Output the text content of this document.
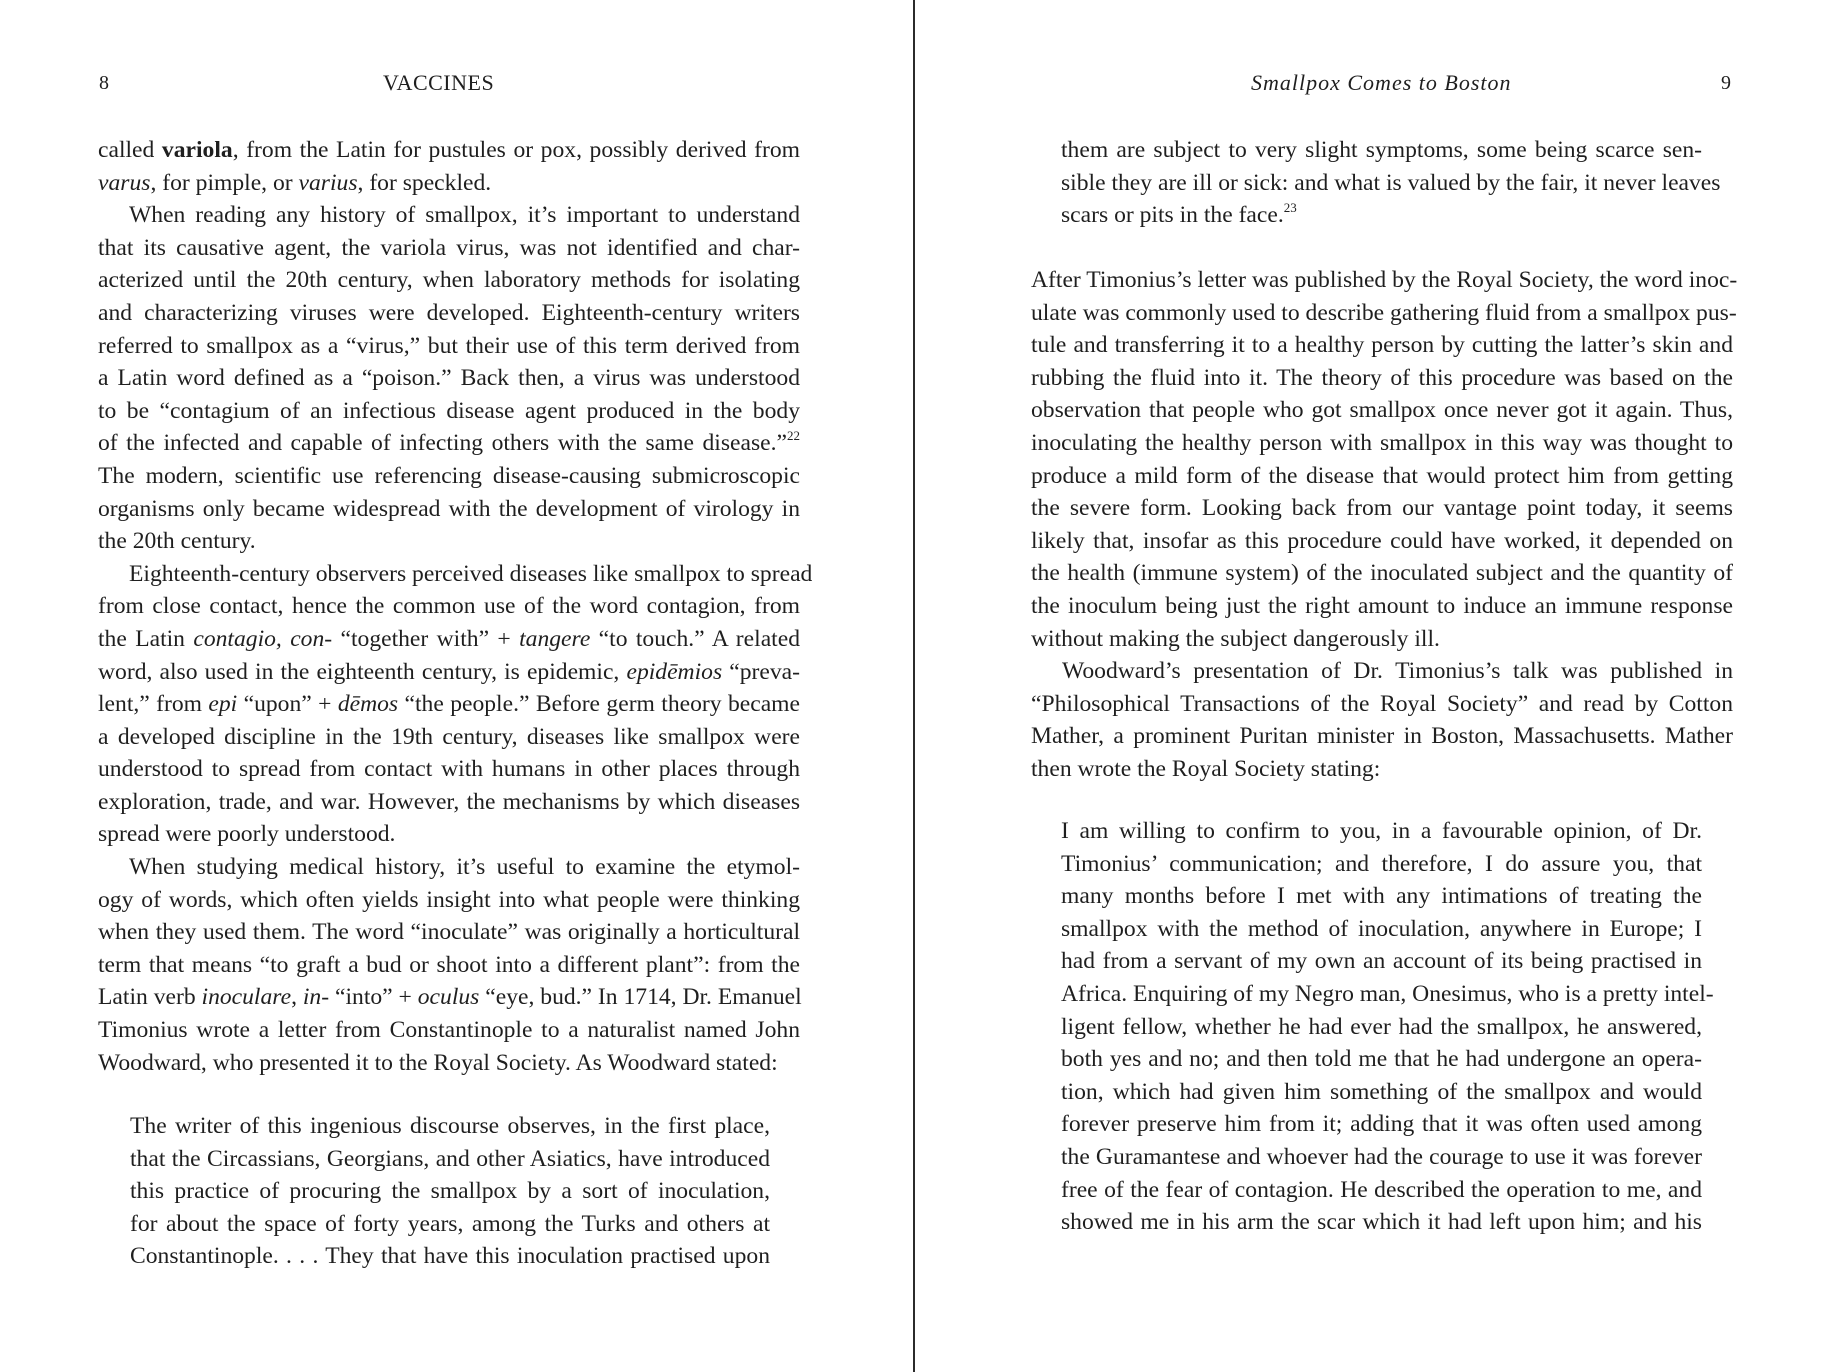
8	VACCINES

called variola, from the Latin for pustules or pox, possibly derived from

varus, for pimple, or varius, for speckled.

When reading any history of smallpox, it’s important to understand

that its causative agent, the variola virus, was not identified and char-

acterized until the 20th century, when laboratory methods for isolating

and characterizing viruses were developed. Eighteenth-century writers

referred to smallpox as a “virus,” but their use of this term derived from

a Latin word defined as a “poison.” Back then, a virus was understood

to be “contagium of an infectious disease agent produced in the body

of the infected and capable of infecting others with the same disease.”$^{22}$

The modern, scientific use referencing disease-causing submicroscopic

organisms only became widespread with the development of virology in

the 20th century.

Eighteenth-century observers perceived diseases like smallpox to spread

from close contact, hence the common use of the word contagion, from

the Latin contagio, con- “together with” + tangere “to touch.” A related

word, also used in the eighteenth century, is epidemic, epidēmios “preva-

lent,” from epi “upon” + dēmos “the people.” Before germ theory became

a developed discipline in the 19th century, diseases like smallpox were

understood to spread from contact with humans in other places through

exploration, trade, and war. However, the mechanisms by which diseases

spread were poorly understood.

When studying medical history, it’s useful to examine the etymol-

ogy of words, which often yields insight into what people were thinking

when they used them. The word “inoculate” was originally a horticultural

term that means “to graft a bud or shoot into a different plant”: from the

Latin verb inoculare, in- “into” + oculus “eye, bud.” In 1714, Dr. Emanuel

Timonius wrote a letter from Constantinople to a naturalist named John

Woodward, who presented it to the Royal Society. As Woodward stated:

The writer of this ingenious discourse observes, in the first place,

that the Circassians, Georgians, and other Asiatics, have introduced

this practice of procuring the smallpox by a sort of inoculation,

for about the space of forty years, among the Turks and others at

Constantinople. . . . They that have this inoculation practised upon

Smallpox Comes to Boston	9

them are subject to very slight symptoms, some being scarce sen-

sible they are ill or sick: and what is valued by the fair, it never leaves

scars or pits in the face.$^{23}$

After Timonius’s letter was published by the Royal Society, the word inoc-

ulate was commonly used to describe gathering fluid from a smallpox pus-

tule and transferring it to a healthy person by cutting the latter’s skin and

rubbing the fluid into it. The theory of this procedure was based on the

observation that people who got smallpox once never got it again. Thus,

inoculating the healthy person with smallpox in this way was thought to

produce a mild form of the disease that would protect him from getting

the severe form. Looking back from our vantage point today, it seems

likely that, insofar as this procedure could have worked, it depended on

the health (immune system) of the inoculated subject and the quantity of

the inoculum being just the right amount to induce an immune response

without making the subject dangerously ill.

Woodward’s presentation of Dr. Timonius’s talk was published in

“Philosophical Transactions of the Royal Society” and read by Cotton

Mather, a prominent Puritan minister in Boston, Massachusetts. Mather

then wrote the Royal Society stating:

I am willing to confirm to you, in a favourable opinion, of Dr.

Timonius’ communication; and therefore, I do assure you, that

many months before I met with any intimations of treating the

smallpox with the method of inoculation, anywhere in Europe; I

had from a servant of my own an account of its being practised in

Africa. Enquiring of my Negro man, Onesimus, who is a pretty intel-

ligent fellow, whether he had ever had the smallpox, he answered,

both yes and no; and then told me that he had undergone an opera-

tion, which had given him something of the smallpox and would

forever preserve him from it; adding that it was often used among

the Guramantese and whoever had the courage to use it was forever

free of the fear of contagion. He described the operation to me, and

showed me in his arm the scar which it had left upon him; and his
